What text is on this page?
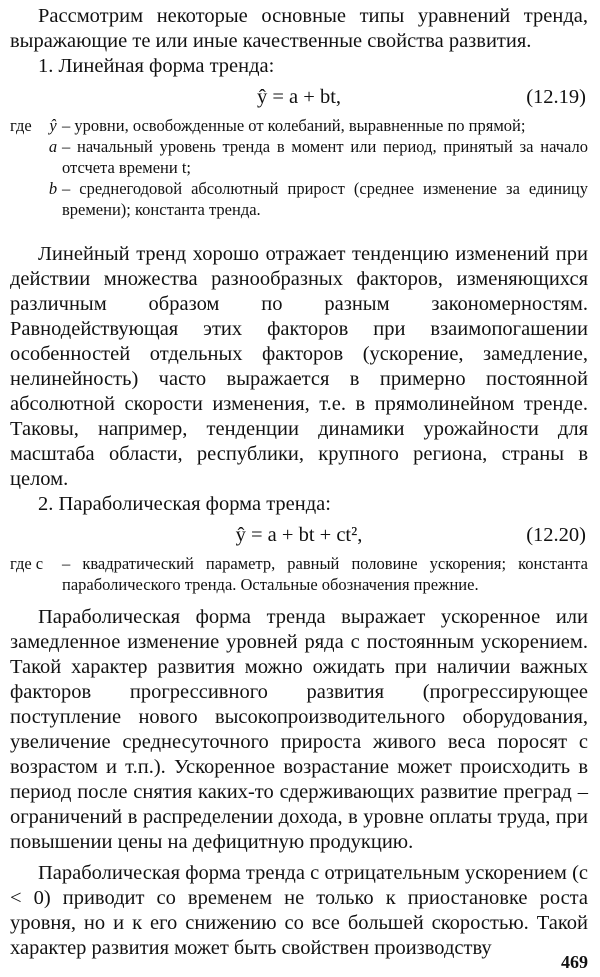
Рассмотрим некоторые основные типы уравнений тренда, выражающие те или иные качественные свойства развития.

1. Линейная форма тренда:

ŷ = a + bt,	(12.19)
где	ŷ – уровни, освобожденные от колебаний, выравненные по прямой;
a – начальный уровень тренда в момент или период, принятый за начало отсчета времени t;
b – среднегодовой абсолютный прирост (среднее изменение за единицу времени); константа тренда.

Линейный тренд хорошо отражает тенденцию изменений при действии множества разнообразных факторов, изменяющихся различным образом по разным закономерностям. Равнодействующая этих факторов при взаимопогашении особенностей отдельных факторов (ускорение, замедление, нелинейность) часто выражается в примерно постоянной абсолютной скорости изменения, т.е. в прямолинейном тренде. Таковы, например, тенденции динамики урожайности для масштаба области, республики, крупного региона, страны в целом.

2. Параболическая форма тренда:

ŷ = a + bt + ct²,	(12.20)
где c	– квадратический параметр, равный половине ускорения; константа параболического тренда. Остальные обозначения прежние.

Параболическая форма тренда выражает ускоренное или замедленное изменение уровней ряда с постоянным ускорением. Такой характер развития можно ожидать при наличии важных факторов прогрессивного развития (прогрессирующее поступление нового высокопроизводительного оборудования, увеличение среднесуточного прироста живого веса поросят с возрастом и т.п.). Ускоренное возрастание может происходить в период после снятия каких-то сдерживающих развитие преград – ограничений в распределении дохода, в уровне оплаты труда, при повышении цены на дефицитную продукцию.

Параболическая форма тренда с отрицательным ускорением (c < 0) приводит со временем не только к приостановке роста уровня, но и к его снижению со все большей скоростью. Такой характер развития может быть свойствен производству

469
